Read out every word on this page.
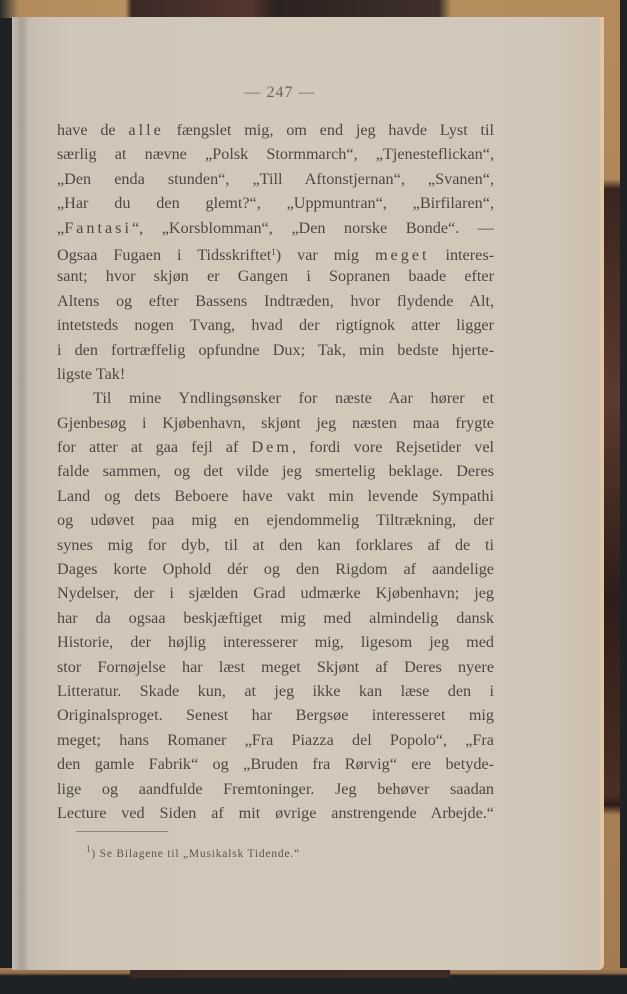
— 247 —
have de alle fængslet mig, om end jeg havde Lyst til
særlig at nævne „Polsk Stormmarch“, „Tjenesteflickan“,
„Den enda stunden“, „Till Aftonstjernan“, „Svanen“,
„Har du den glemt?“, „Uppmuntran“, „Birfilaren“,
„Fantasi“, „Korsblomman“, „Den norske Bonde“. —
Ogsaa Fugaen i Tidsskriftet$^1$) var mig meget interes-
sant; hvor skjøn er Gangen i Sopranen baade efter
Altens og efter Bassens Indtræden, hvor flydende Alt,
intetsteds nogen Tvang, hvad der rigtignok atter ligger
i den fortræffelig opfundne Dux; Tak, min bedste hjerte-
ligste Tak!
Til mine Yndlingsønsker for næste Aar hører et
Gjenbesøg i Kjøbenhavn, skjønt jeg næsten maa frygte
for atter at gaa fejl af Dem, fordi vore Rejsetider vel
falde sammen, og det vilde jeg smertelig beklage. Deres
Land og dets Beboere have vakt min levende Sympathi
og udøvet paa mig en ejendommelig Tiltrækning, der
synes mig for dyb, til at den kan forklares af de ti
Dages korte Ophold dér og den Rigdom af aandelige
Nydelser, der i sjælden Grad udmærke Kjøbenhavn; jeg
har da ogsaa beskjæftiget mig med almindelig dansk
Historie, der højlig interesserer mig, ligesom jeg med
stor Fornøjelse har læst meget Skjønt af Deres nyere
Litteratur. Skade kun, at jeg ikke kan læse den i
Originalsproget. Senest har Bergsøe interesseret mig
meget; hans Romaner „Fra Piazza del Popolo“, „Fra
den gamle Fabrik“ og „Bruden fra Rørvig“ ere betyde-
lige og aandfulde Fremtoninger. Jeg behøver saadan
Lecture ved Siden af mit øvrige anstrengende Arbejde.“
$^1$) Se Bilagene til „Musikalsk Tidende.“
